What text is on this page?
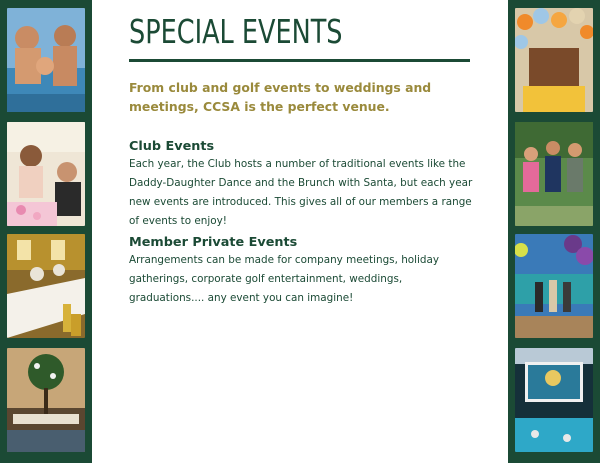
SPECIAL EVENTS

From club and golf events to weddings and meetings, CCSA is the perfect venue.

Club Events

Each year, the Club hosts a number of traditional events like the Daddy-Daughter Dance and the Brunch with Santa, but each year new events are introduced. This gives all of our members a range of events to enjoy!

Member Private Events

Arrangements can be made for company meetings, holiday gatherings, corporate golf entertainment, weddings, graduations.... any event you can imagine!
